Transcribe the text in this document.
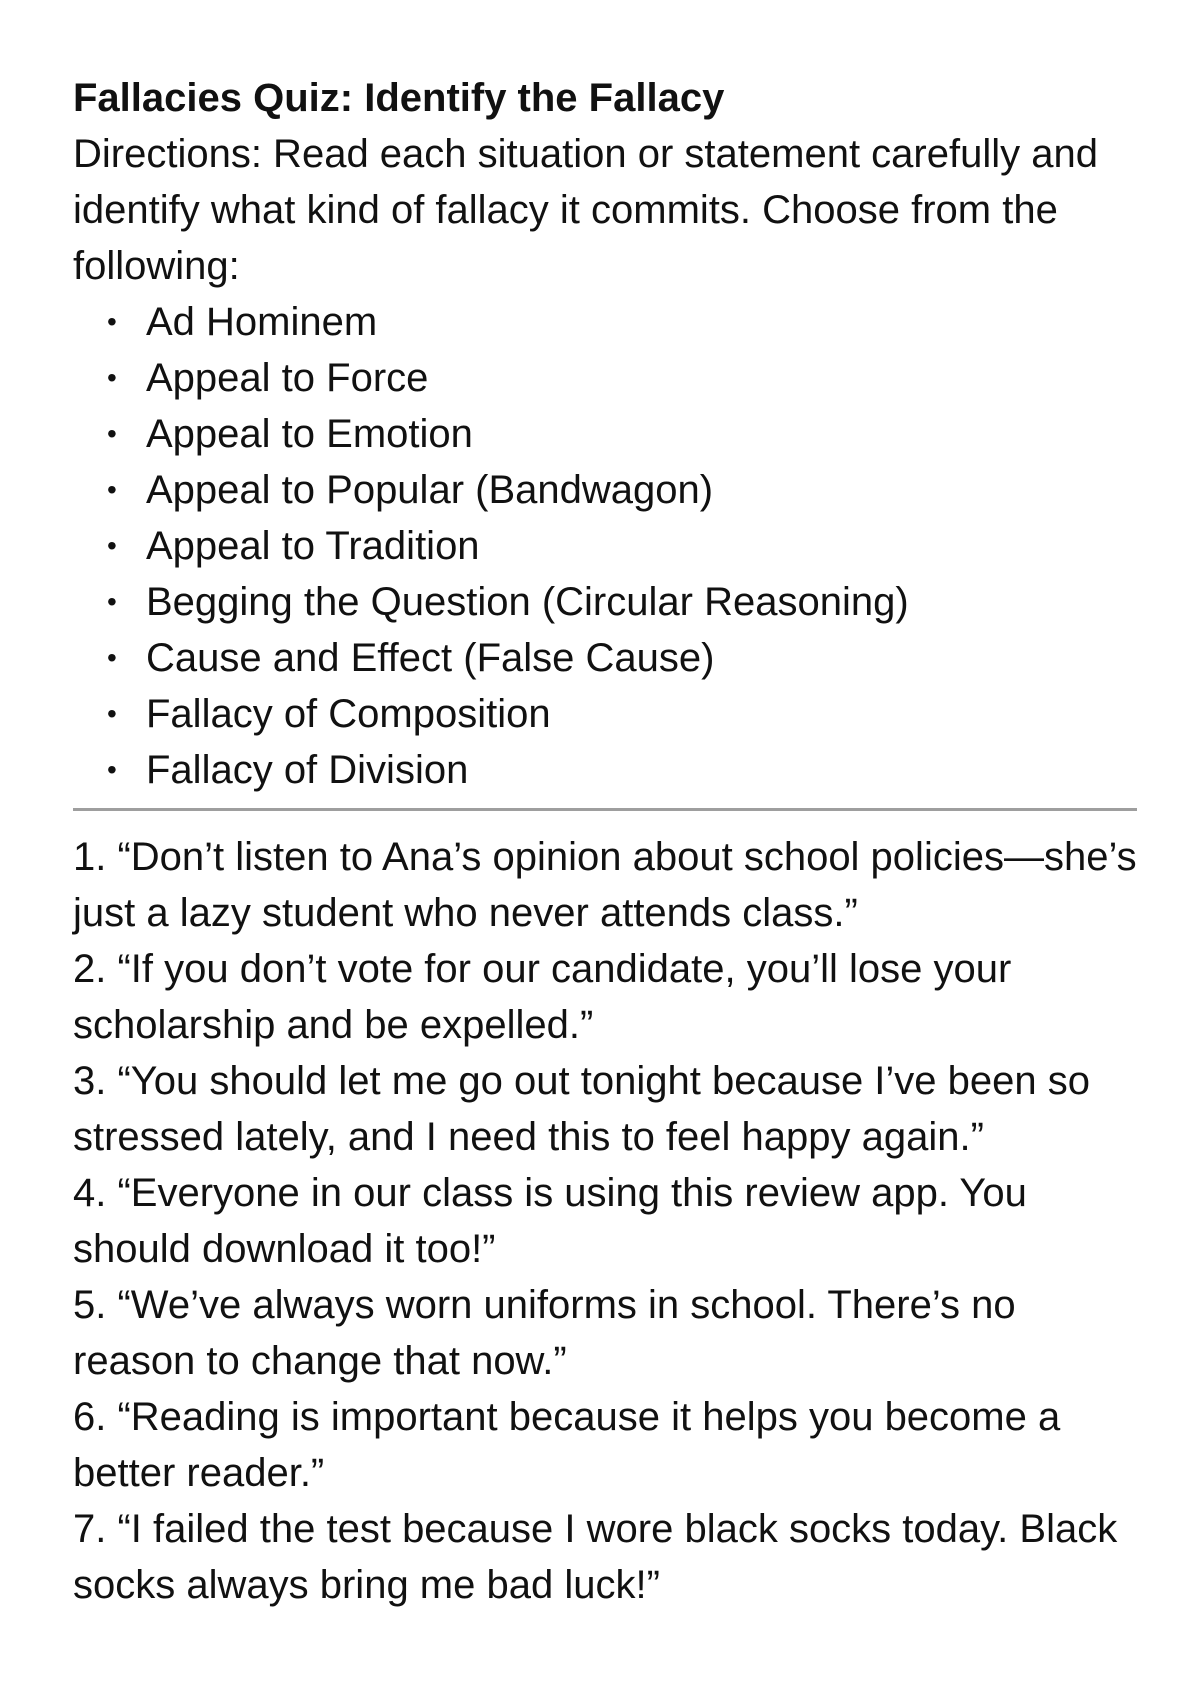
Fallacies Quiz: Identify the Fallacy

Directions: Read each situation or statement carefully and identify what kind of fallacy it commits. Choose from the following:

• Ad Hominem
• Appeal to Force
• Appeal to Emotion
• Appeal to Popular (Bandwagon)
• Appeal to Tradition
• Begging the Question (Circular Reasoning)
• Cause and Effect (False Cause)
• Fallacy of Composition
• Fallacy of Division

1. “Don’t listen to Ana’s opinion about school policies—she’s just a lazy student who never attends class.”

2. “If you don’t vote for our candidate, you’ll lose your scholarship and be expelled.”

3. “You should let me go out tonight because I’ve been so stressed lately, and I need this to feel happy again.”

4. “Everyone in our class is using this review app. You should download it too!”

5. “We’ve always worn uniforms in school. There’s no reason to change that now.”

6. “Reading is important because it helps you become a better reader.”

7. “I failed the test because I wore black socks today. Black socks always bring me bad luck!”
